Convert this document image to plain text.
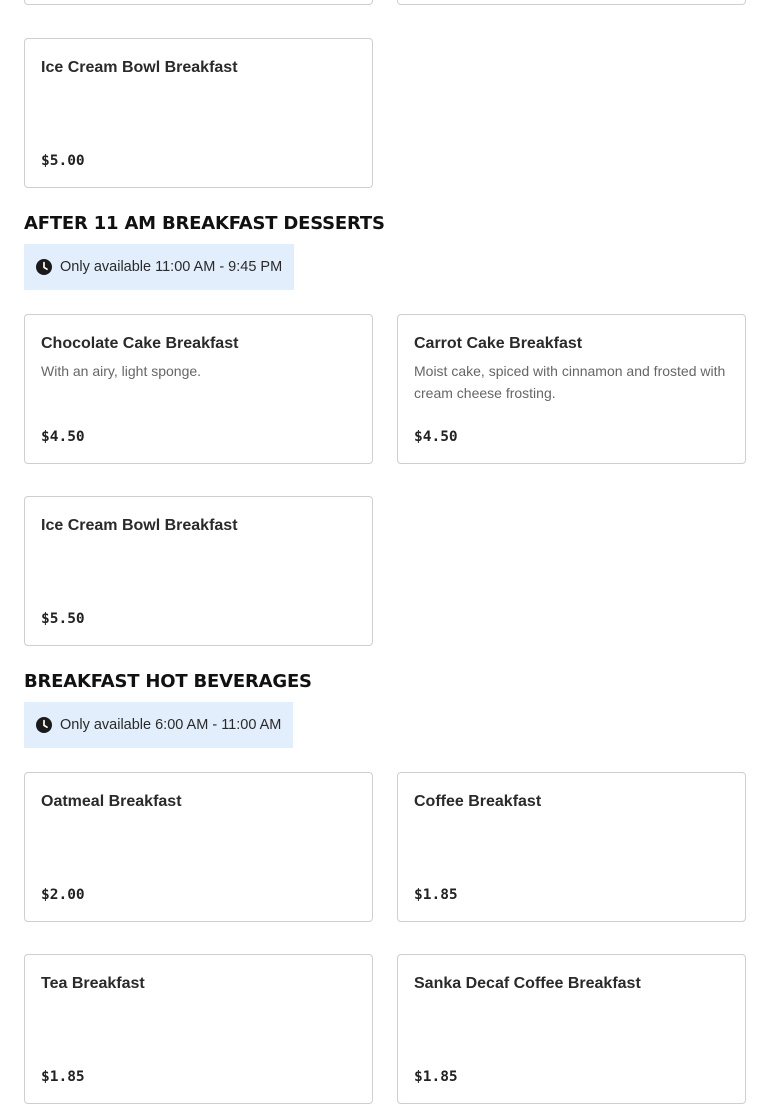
Ice Cream Bowl Breakfast
$5.00
AFTER 11 AM BREAKFAST DESSERTS
Only available 11:00 AM - 9:45 PM
Chocolate Cake Breakfast
With an airy, light sponge.
$4.50
Carrot Cake Breakfast
Moist cake, spiced with cinnamon and frosted with cream cheese frosting.
$4.50
Ice Cream Bowl Breakfast
$5.50
BREAKFAST HOT BEVERAGES
Only available 6:00 AM - 11:00 AM
Oatmeal Breakfast
$2.00
Coffee Breakfast
$1.85
Tea Breakfast
$1.85
Sanka Decaf Coffee Breakfast
$1.85
